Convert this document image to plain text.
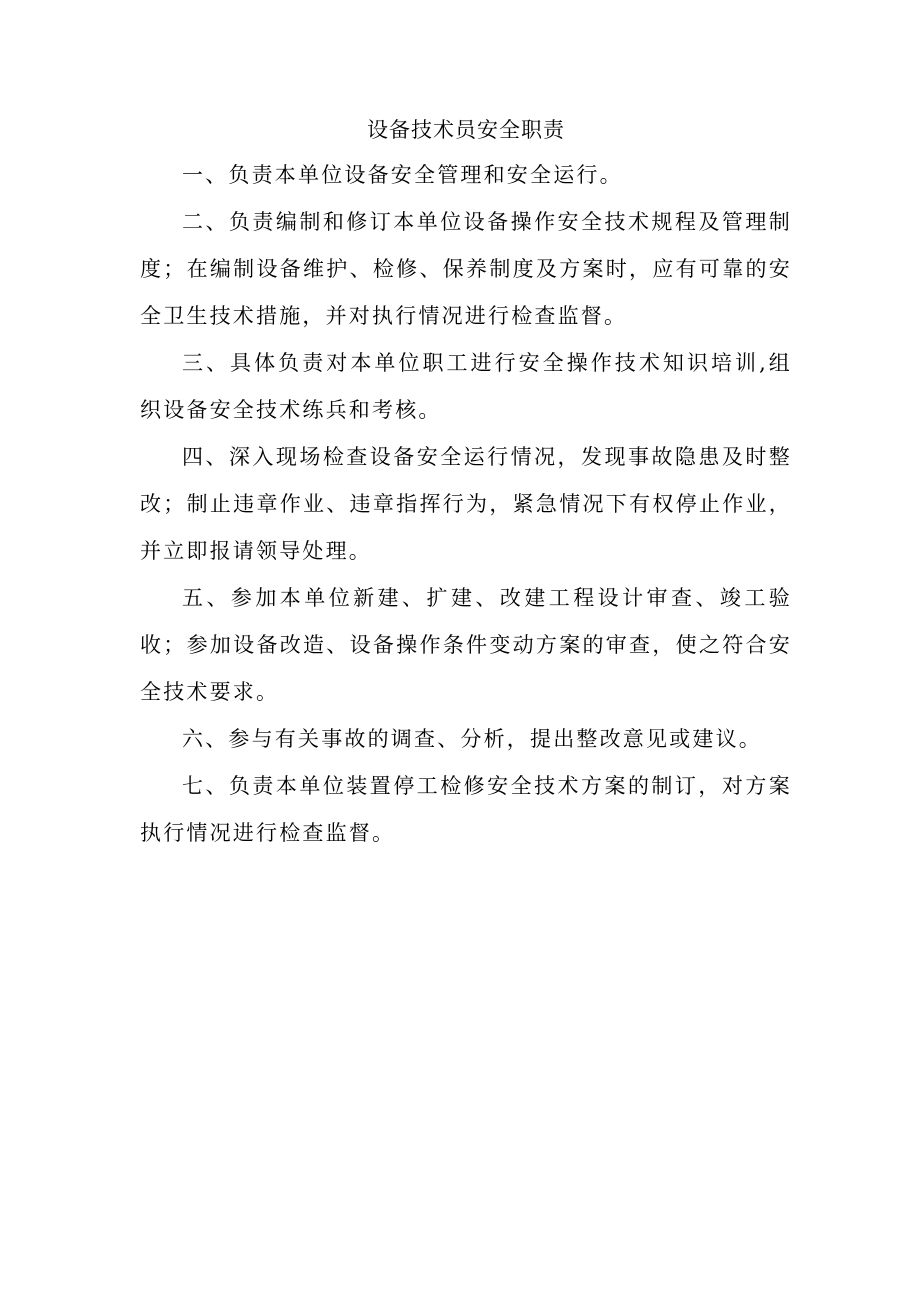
设备技术员安全职责

一、负责本单位设备安全管理和安全运行。

二、负责编制和修订本单位设备操作安全技术规程及管理制度；在编制设备维护、检修、保养制度及方案时，应有可靠的安全卫生技术措施，并对执行情况进行检查监督。

三、具体负责对本单位职工进行安全操作技术知识培训,组织设备安全技术练兵和考核。

四、深入现场检查设备安全运行情况，发现事故隐患及时整改；制止违章作业、违章指挥行为，紧急情况下有权停止作业，并立即报请领导处理。

五、参加本单位新建、扩建、改建工程设计审查、竣工验收；参加设备改造、设备操作条件变动方案的审查，使之符合安全技术要求。

六、参与有关事故的调查、分析，提出整改意见或建议。

七、负责本单位装置停工检修安全技术方案的制订，对方案执行情况进行检查监督。
